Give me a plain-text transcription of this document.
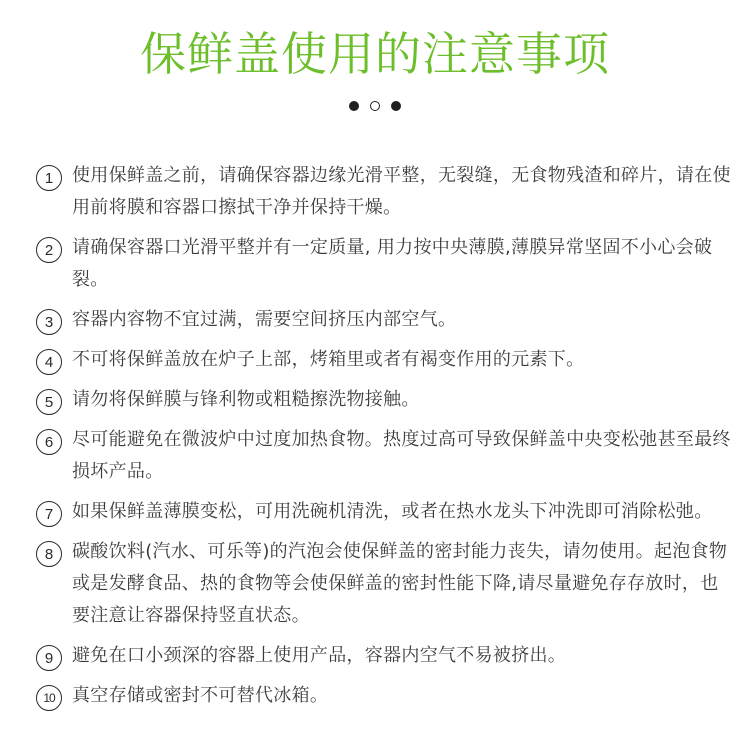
保鲜盖使用的注意事项
1	使用保鲜盖之前，请确保容器边缘光滑平整，无裂缝，无食物残渣和碎片，请在使用前将膜和容器口擦拭干净并保持干燥。
2	请确保容器口光滑平整并有一定质量, 用力按中央薄膜,薄膜异常坚固不小心会破裂。
3	容器内容物不宜过满，需要空间挤压内部空气。
4	不可将保鲜盖放在炉子上部，烤箱里或者有褐变作用的元素下。
5	请勿将保鲜膜与锋利物或粗糙擦洗物接触。
6	尽可能避免在微波炉中过度加热食物。热度过高可导致保鲜盖中央变松弛甚至最终损坏产品。
7	如果保鲜盖薄膜变松，可用洗碗机清洗，或者在热水龙头下冲洗即可消除松弛。
8	碳酸饮料(汽水、可乐等)的汽泡会使保鲜盖的密封能力丧失，请勿使用。起泡食物或是发酵食品、热的食物等会使保鲜盖的密封性能下降,请尽量避免存存放时，也要注意让容器保持竖直状态。
9	避免在口小颈深的容器上使用产品，容器内空气不易被挤出。
10 真空存储或密封不可替代冰箱。
